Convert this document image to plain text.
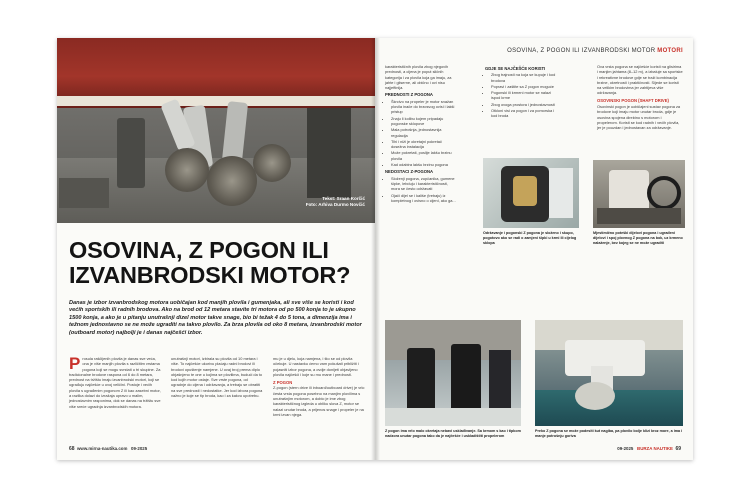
Tekst: Sraan Korčić
Foto: Arhiva Durmo Novčić
OSOVINA, Z POGON ILI
IZVANBRODSKI MOTOR?
Danas je izbor izvanbrodskog motora uobičajan kod manjih plovila i gumenjaka, ali sve više se koristi i kod većih sportskih ili radnih brodova. Ako na brod od 12 metara stavite tri motora od po 500 konja to je ukupno 1500 konja, a ako je u pitanju unutrašnji dizel motor takve snage, bio bi težak 4 do 5 tona, a dimenzija ima i težnom jednostavno se ne može ugraditi na takvo plovilo. Za brza plovila od oko 8 metara, izvanbrodski motor (outboard motor) najbolji je i danas najčešći izbor.
Prosula raščijenih plovila je danas sve veća, ona je više manjih plovila s različitim vrstama pogona koji se mogu svrstati u tri skupine. Za tradicionalne brodove raspona od 6 do 8 metara, prednost na tržištu imaju izvanbrodski motori, koji se ugrađuju najčešće u ovoj veličini. Postoje i većih plovila s ugrađenim pogonom Z ili kao zasebni motor, a razlika dolazi do izražaja upravo u malim, jednostavnim rasponima, dok se danas na tržištu sve više sreće ugradnja izvanbrodskih motora.
unutrašnji motori, izbirala su plovila od 10 metara i više. To najčešće ukorivu plaćaju radni brodovi ili brodovi opuštenje namjene. U ovaj broj prema diplo objašnjeno te one u kojima se plovilima, budući da to kod kojih motor ostaje. Sve vrste pogona, od ugradnje do cijena i održavanja, a trebaju se obratiti na sve prednosti i nedostatke. Jer kod izbora pogona važno je koje se tip broda, kao i za kakvu upotrebu.
mu je u djelu, koja namjena, i što se od plovila očekuje. U nastavku ćemo vam pokušati približiti i pojasniti izbor pogona, a ovdje donijeti objavljeno plovila najčešći i koje su mu mane i prednosti.
Z POGON
Z-pogon (stern drive ili inboard/outboard drive) je vrlo česta vrsta pogona posebno na manjim plovilima s unutrašnjim motorom, a dobio je ime zbog karakterističnog izgleda u obliku slova Z, motor se nalazi unutar broda, a prijenos snage i propeler je na krmi izvan njega.
68 www.mirna-nautika.com 09-2025
OSOVINA, Z POGON ILI IZVANBRODSKI MOTOR MOTORI
karakterističnih plovila zbog njegovih prednosti, a cijena je poput sličnih kategorija i za plovila koja ga imaju, za jahte i gliserne, ali obično i ovi nisu najjeftinija.
PREDNOSTI Z POGONA
• Škrcivo na propeler je motor snažan plovila inače do brzosvog ovisi i lakši pristup
• Znaju li kolibu kojem pripadaju pogonske sklopove
• Mala potrošnja, jednostavnija regulacija
• Tihi i niži je okretajni pokretač dosežna instalacija
• Može pokretati, poslije lakšu brzinu plovila
• Kad odabira lakšu brzinu pogona
NEDOSTACI Z-POGONA
• Složenji pogona, zupčanika, gumene šipke, lebduju i karakterističnosti, mora se često održavati
• Ojači dijel se i kališe (trebaju) iz kompletnog i ovisno o cijeni, ako ga...
GDJE SE NAJČEŠĆE KORISTI
• Zbog trajnosti na koja se kupuje i kod brodova
• Popravi i zaštite sa Z pogon moguće
• Pogonski ili krmeni motor se nalazi ispod krme
• Zbog ovoga prostora i jednostavnosti
• Otkloni visi za pogon i za pomorska i kod broda
Ova vrsta pogona se najčešće koristi na glisirima i manjim jahtama (8–12 m), a izbaluje sa sportske i rekreativne brodove gdje se traži kombinacija brzine, okretnosti i praktičnosti. Sijede se koristi na velikim brodovima jer zahtijeva više održavanja.
OSOVINSKI POGON (SHAFT DRIVE)
Osovinski pogon je uobičajeni sustav pogona za brodove koji imaju motor unutar broda, gdje je osovina spojena direktno s motorom i propelerom. Koristi se kod radnih i većih plovila, jer je pouzdan i jednostavan za održavanje.
Održavanje i pogonski Z pogona je složeno i skupo, pogotovo ako se radi o zamjeni šipki u krmi ili cijelog sklopa
Mjestimično poteški dijelovi pogona i ugrađeni dijelovi i spoj plovnog Z pogona na bok, uz krmeno nalaženje, bez kojeg se ne može ugraditi
Z pogon ima vrlo malo okretaja nebavi usklađivanje. Sa krmom s kao i tipkom nadzora unutar pogona tako da je najčešće i uskladištiti propelerom
Preko Z pogona se može podesiti kut nagiba, pa plovilo bolje klizi kroz more, a ima i manje potrošnju goriva
09-2025 BURZA NAUTIKE 69
